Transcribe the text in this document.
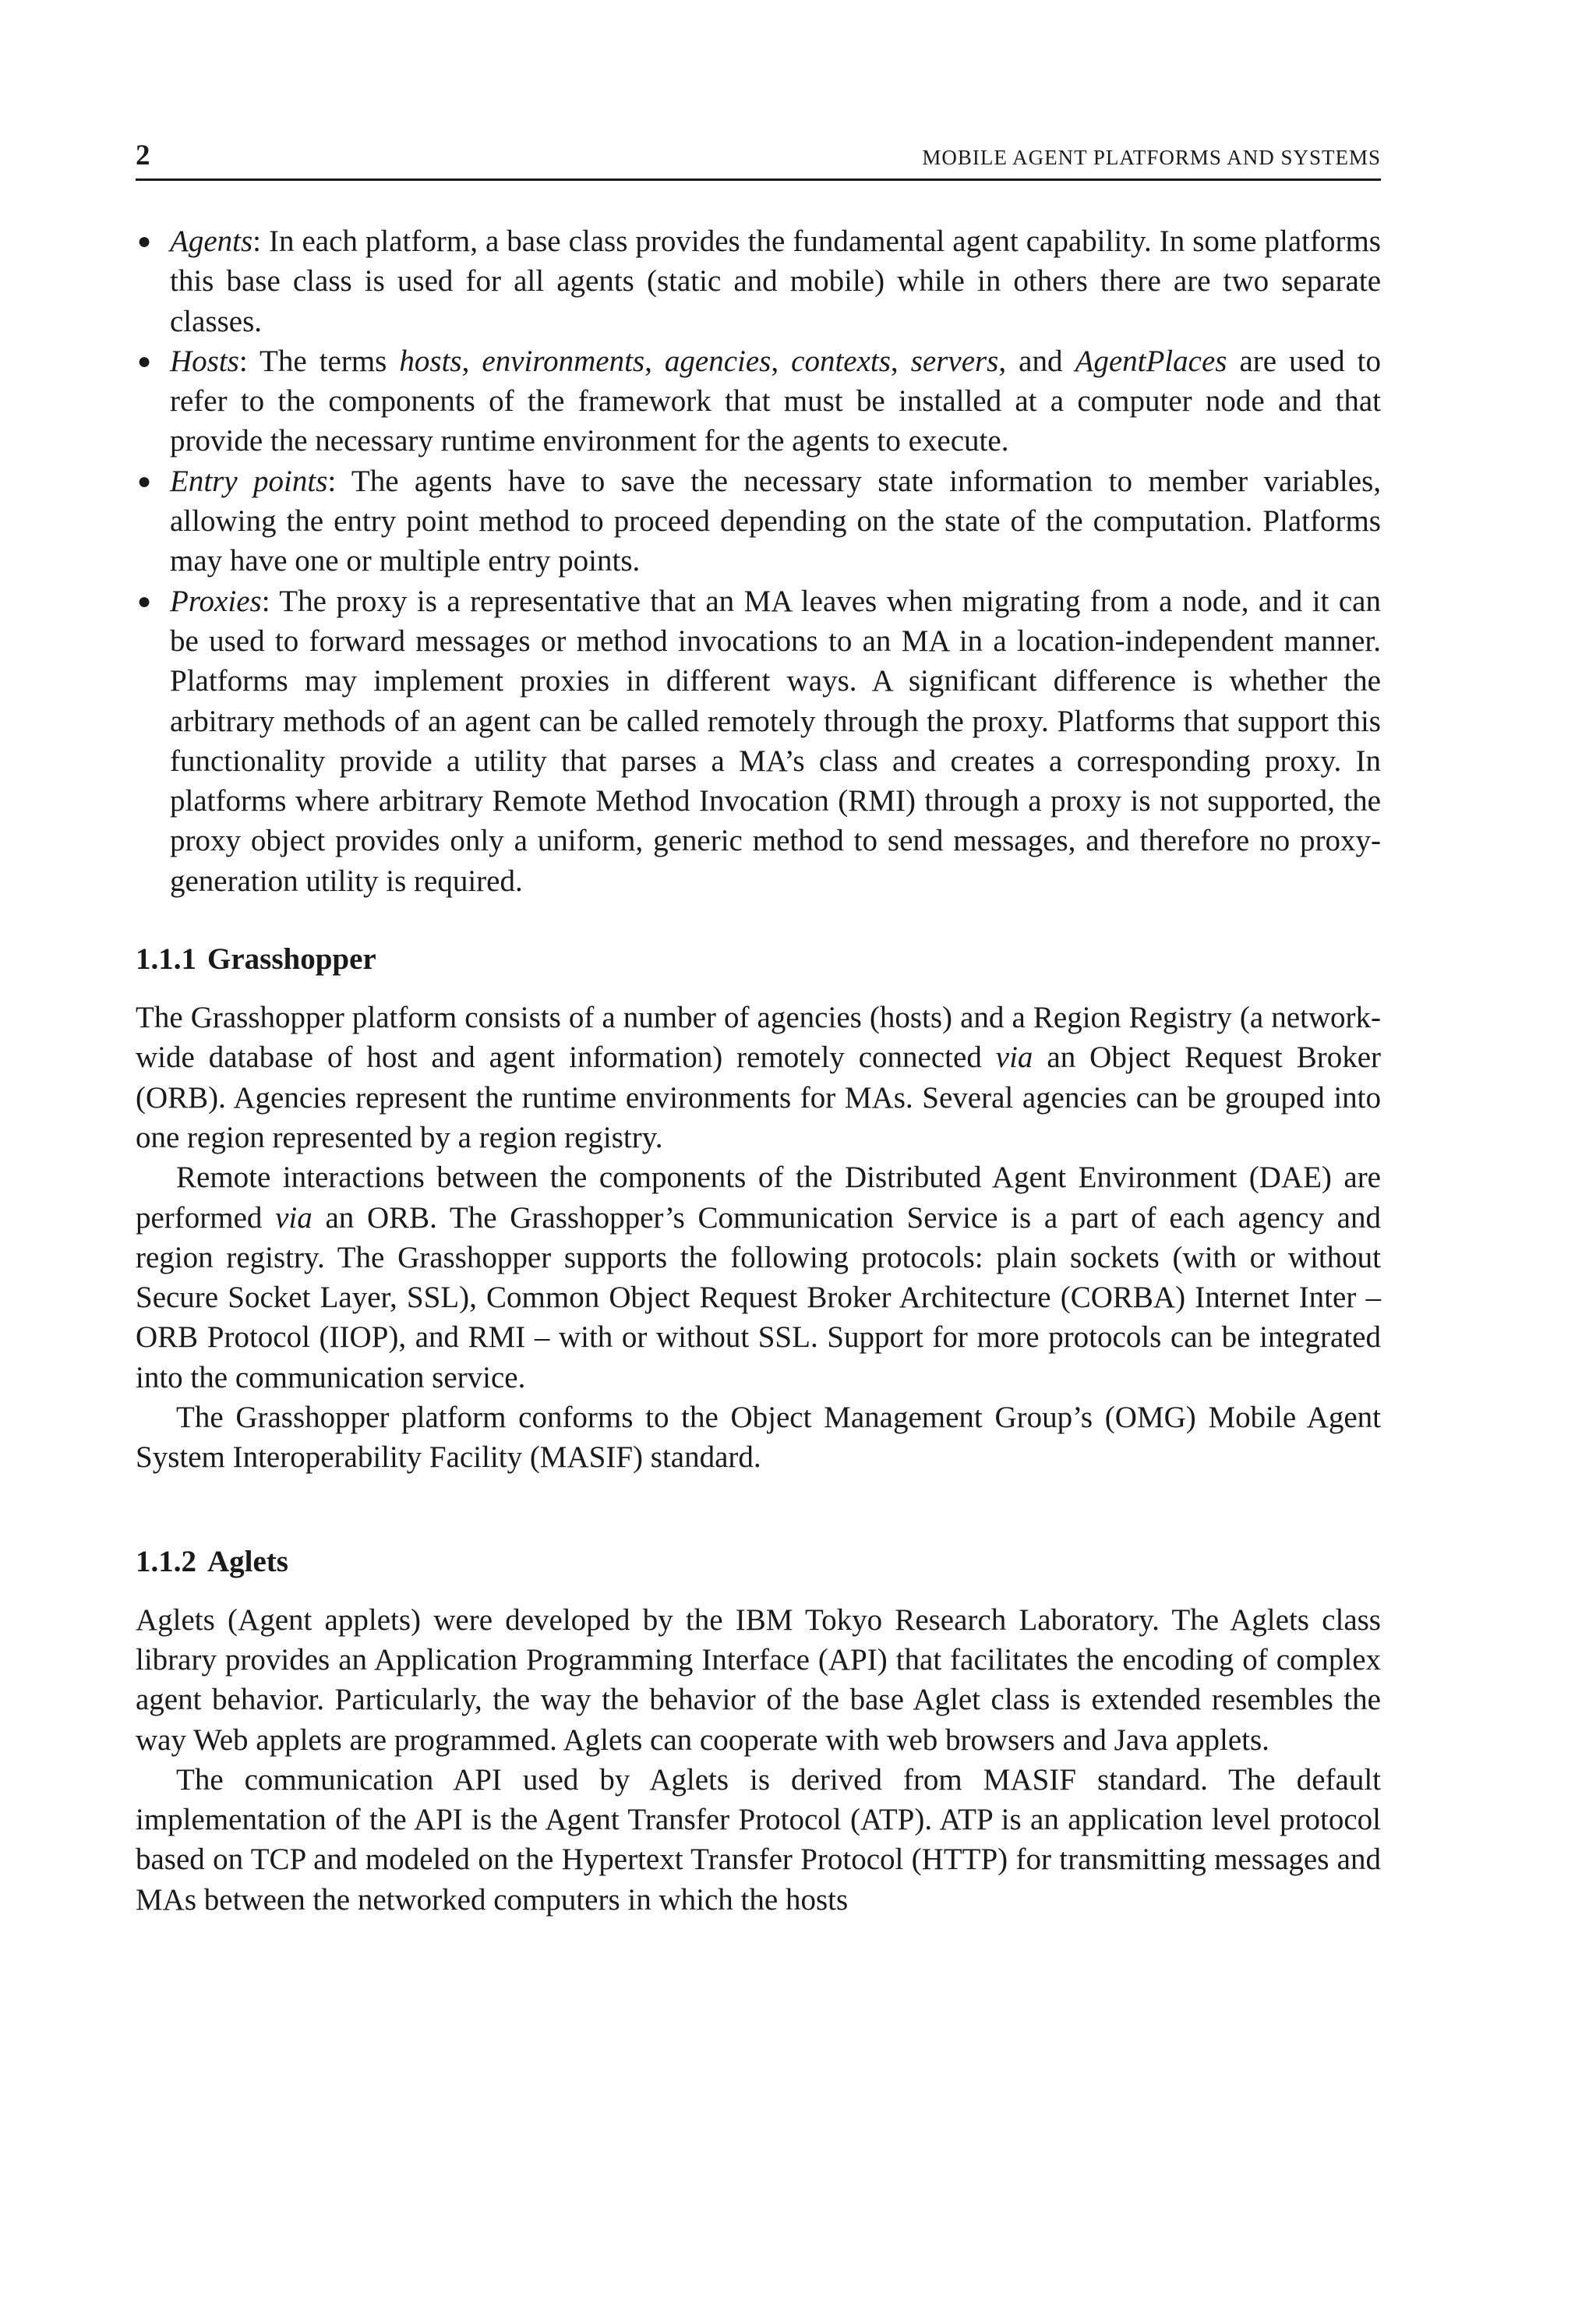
2	MOBILE AGENT PLATFORMS AND SYSTEMS
● Agents: In each platform, a base class provides the fundamental agent capability. In some platforms this base class is used for all agents (static and mobile) while in others there are two separate classes.
● Hosts: The terms hosts, environments, agencies, contexts, servers, and AgentPlaces are used to refer to the components of the framework that must be installed at a computer node and that provide the necessary runtime environment for the agents to execute.
● Entry points: The agents have to save the necessary state information to member variables, allowing the entry point method to proceed depending on the state of the computation. Platforms may have one or multiple entry points.
● Proxies: The proxy is a representative that an MA leaves when migrating from a node, and it can be used to forward messages or method invocations to an MA in a location-independent manner. Platforms may implement proxies in different ways. A significant difference is whether the arbitrary methods of an agent can be called remotely through the proxy. Platforms that support this functionality provide a utility that parses a MA’s class and creates a corresponding proxy. In platforms where arbitrary Remote Method Invocation (RMI) through a proxy is not supported, the proxy object provides only a uniform, generic method to send messages, and therefore no proxy-generation utility is required.
1.1.1 Grasshopper

The Grasshopper platform consists of a number of agencies (hosts) and a Region Registry (a network-wide database of host and agent information) remotely connected via an Object Request Broker (ORB). Agencies represent the runtime environments for MAs. Several agencies can be grouped into one region represented by a region registry.

Remote interactions between the components of the Distributed Agent Environment (DAE) are performed via an ORB. The Grasshopper’s Communication Service is a part of each agency and region registry. The Grasshopper supports the following protocols: plain sockets (with or without Secure Socket Layer, SSL), Common Object Request Broker Architecture (CORBA) Internet Inter – ORB Protocol (IIOP), and RMI – with or without SSL. Support for more protocols can be integrated into the communication service.

The Grasshopper platform conforms to the Object Management Group’s (OMG) Mobile Agent System Interoperability Facility (MASIF) standard.

1.1.2 Aglets

Aglets (Agent applets) were developed by the IBM Tokyo Research Laboratory. The Aglets class library provides an Application Programming Interface (API) that facilitates the encoding of complex agent behavior. Particularly, the way the behavior of the base Aglet class is extended resembles the way Web applets are programmed. Aglets can cooperate with web browsers and Java applets.

The communication API used by Aglets is derived from MASIF standard. The default implementation of the API is the Agent Transfer Protocol (ATP). ATP is an application level protocol based on TCP and modeled on the Hypertext Transfer Protocol (HTTP) for transmitting messages and MAs between the networked computers in which the hosts
